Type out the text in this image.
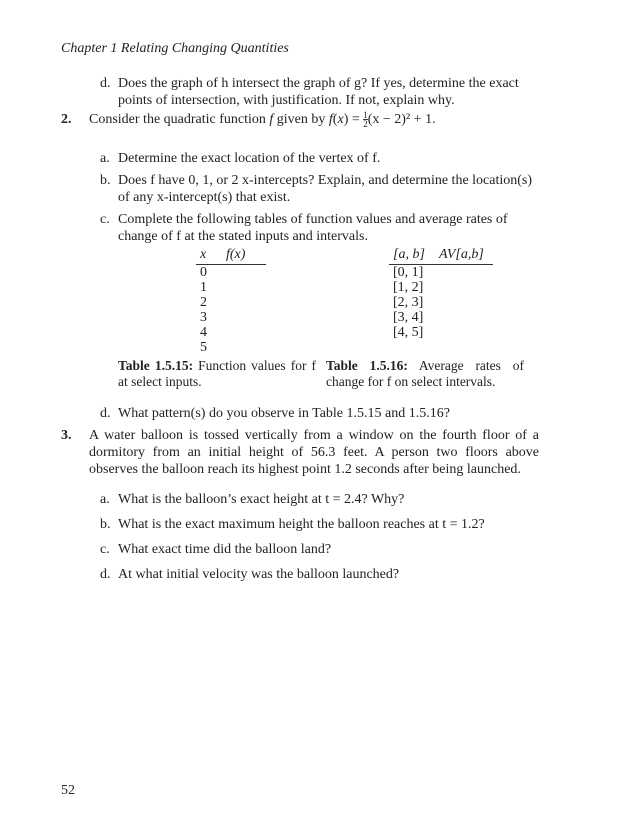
Chapter 1 Relating Changing Quantities
d. Does the graph of h intersect the graph of g? If yes, determine the exact points of intersection, with justification. If not, explain why.
2. Consider the quadratic function f given by $f(x) = \frac{1}{2} (x - 2)^2 + 1$.
a. Determine the exact location of the vertex of f.
b. Does f have 0, 1, or 2 x-intercepts? Explain, and determine the location(s) of any x-intercept(s) that exist.
c. Complete the following tables of function values and average rates of change of f at the stated inputs and intervals.
x	f(x)
0	
1	
2	
3	
4	
5	
[a, b]	AV[a,b]
[0, 1]	
[1, 2]	
[2, 3]	
[3, 4]	
[4, 5]	
Table 1.5.15: Function values for f at select inputs.
Table 1.5.16: Average rates of change for f on select intervals.
d. What pattern(s) do you observe in Table 1.5.15 and 1.5.16?
3. A water balloon is tossed vertically from a window on the fourth floor of a dormitory from an initial height of 56.3 feet. A person two floors above observes the balloon reach its highest point 1.2 seconds after being launched.
a. What is the balloon’s exact height at t = 2.4? Why?
b. What is the exact maximum height the balloon reaches at t = 1.2?
c. What exact time did the balloon land?
d. At what initial velocity was the balloon launched?
52
